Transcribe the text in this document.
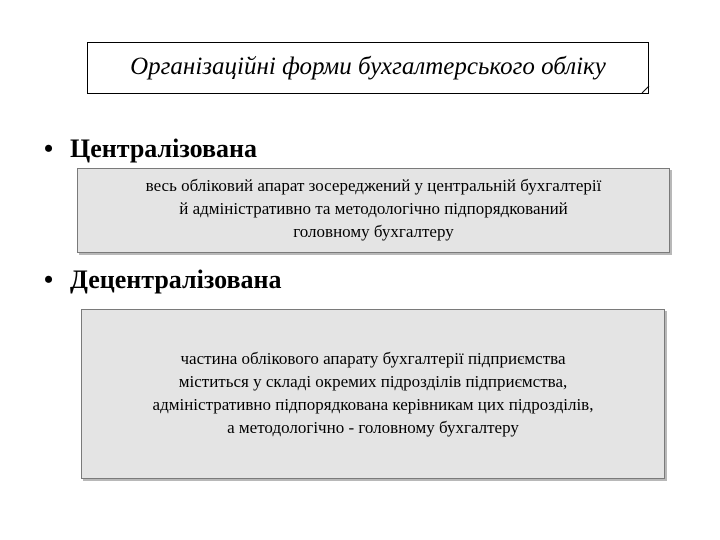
Організаційні форми бухгалтерського обліку
• Централізована
весь обліковий апарат зосереджений у центральній бухгалтерії
й адміністративно та методологічно підпорядкований
головному бухгалтеру
• Децентралізована
частина облікового апарату бухгалтерії підприємства
міститься у складі окремих підрозділів підприємства,
адміністративно підпорядкована керівникам цих підрозділів,
а методологічно - головному бухгалтеру
